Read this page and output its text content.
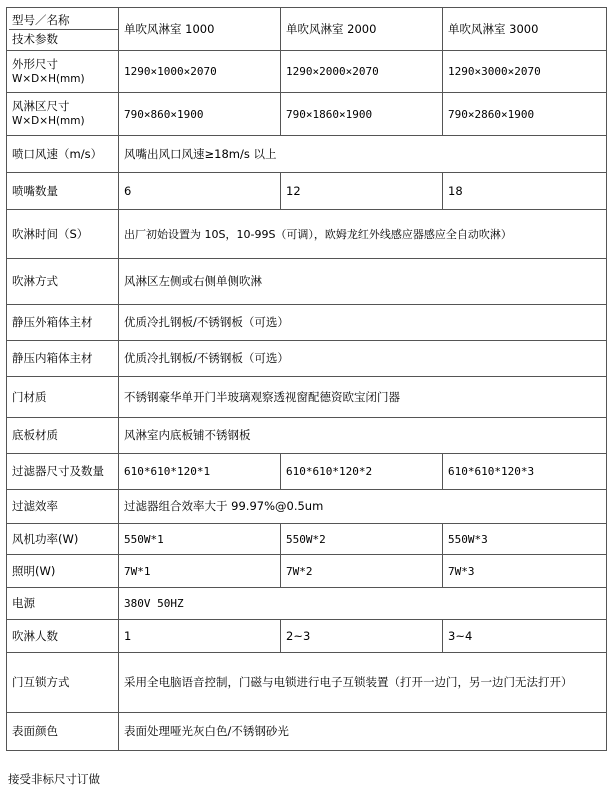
型号／名称
技术参数	单吹风淋室 1000	单吹风淋室 2000	单吹风淋室 3000

外形尺寸
W×D×H(mm)	1290×1000×2070	1290×2000×2070	1290×3000×2070

风淋区尺寸
W×D×H(mm)	790×860×1900	790×1860×1900	790×2860×1900
喷口风速（m/s）	风嘴出风口风速≥18m/s 以上		
喷嘴数量	6	12	18
吹淋时间（S）	出厂初始设置为 10S，10-99S（可调），欧姆龙红外线感应器感应全自动吹淋）		
吹淋方式	风淋区左侧或右侧单侧吹淋		
静压外箱体主材	优质冷扎钢板/不锈钢板（可选）		
静压内箱体主材	优质冷扎钢板/不锈钢板（可选）		
门材质	不锈钢豪华单开门半玻璃观察透视窗配德资欧宝闭门器		
底板材质	风淋室内底板铺不锈钢板		
过滤器尺寸及数量	610*610*120*1	610*610*120*2	610*610*120*3
过滤效率	过滤器组合效率大于 99.97%@0.5um		
风机功率(W)	550W*1	550W*2	550W*3
照明(W)	7W*1	7W*2	7W*3
电源	380V 50HZ		
吹淋人数	1	2~3	3~4
门互锁方式	采用全电脑语音控制，门磁与电锁进行电子互锁装置（打开一边门，另一边门无法打开）		
表面颜色	表面处理哑光灰白色/不锈钢砂光		
接受非标尺寸订做
